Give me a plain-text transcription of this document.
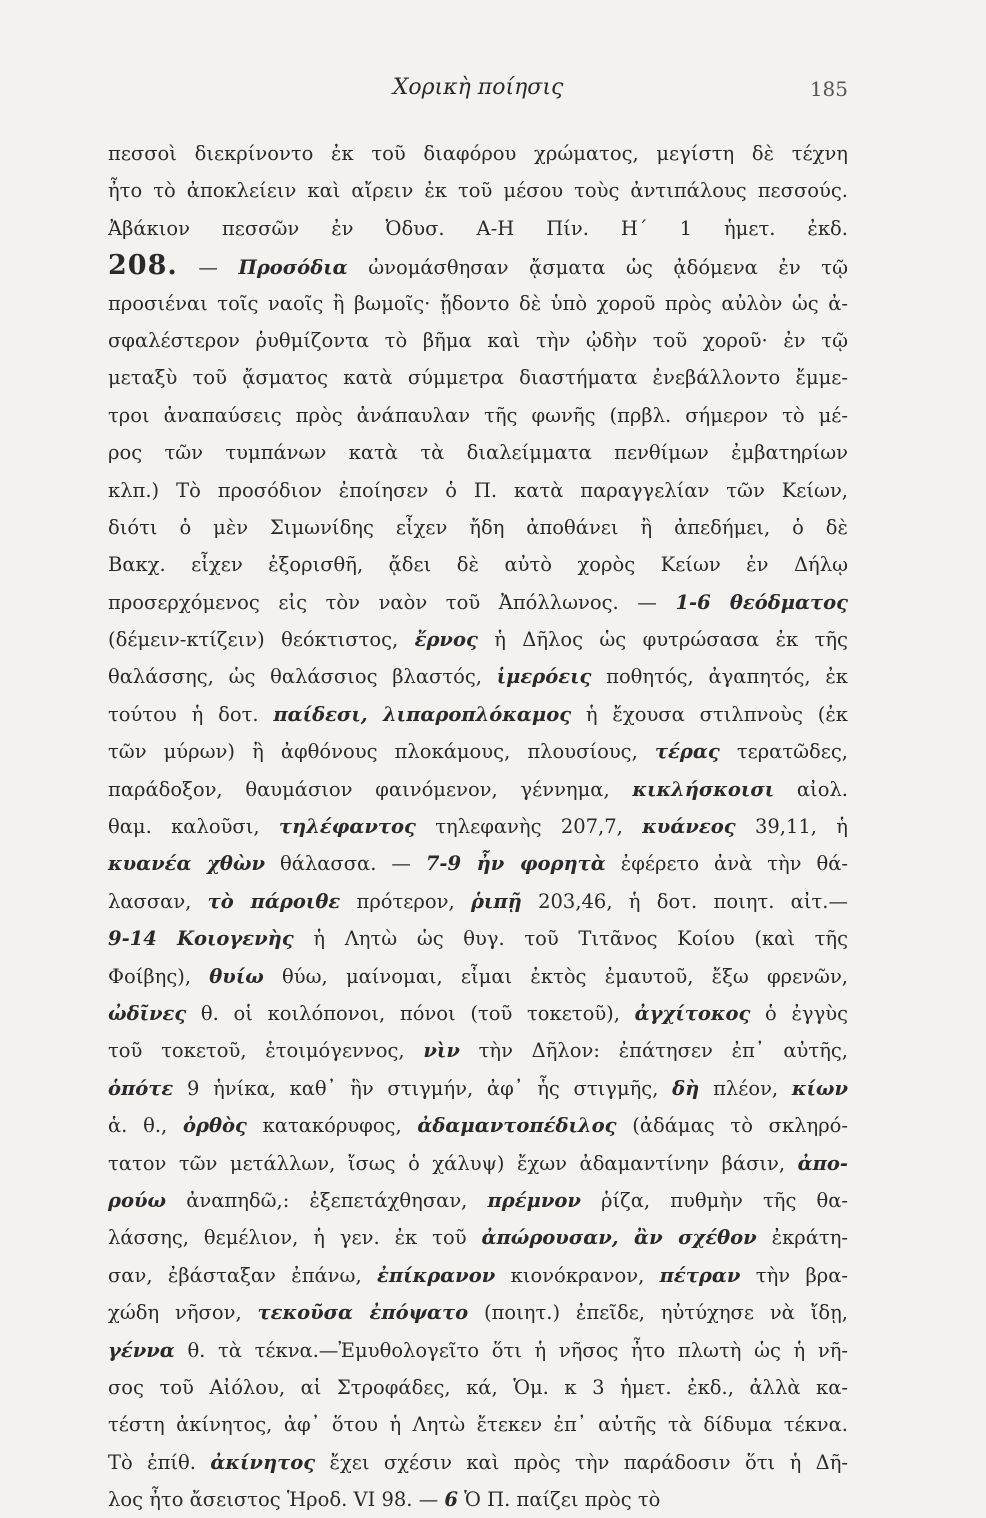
Χορικὴ ποίησις	185
πεσσοὶ διεκρίνοντο ἐκ τοῦ διαφόρου χρώματος, μεγίστη δὲ τέχνη
ἦτο τὸ ἀποκλείειν καὶ αἴρειν ἐκ τοῦ μέσου τοὺς ἀντιπάλους πεσσούς.
Ἀβάκιον πεσσῶν ἐν Ὀδυσ. Α-Η Πίν. Η΄ 1 ἡμετ. ἐκδ.
208. — Προσόδια ὠνομάσθησαν ᾄσματα ὡς ᾀδόμενα ἐν τῷ
προσιέναι τοῖς ναοῖς ἢ βωμοῖς· ᾔδοντο δὲ ὑπὸ χοροῦ πρὸς αὐλὸν ὡς ἀ-
σφαλέστερον ῥυθμίζοντα τὸ βῆμα καὶ τὴν ᾠδὴν τοῦ χοροῦ· ἐν τῷ
μεταξὺ τοῦ ᾄσματος κατὰ σύμμετρα διαστήματα ἐνεβάλλοντο ἔμμε-
τροι ἀναπαύσεις πρὸς ἀνάπαυλαν τῆς φωνῆς (πρβλ. σήμερον τὸ μέ-
ρος τῶν τυμπάνων κατὰ τὰ διαλείμματα πενθίμων ἐμβατηρίων
κλπ.) Τὸ προσόδιον ἐποίησεν ὁ Π. κατὰ παραγγελίαν τῶν Κείων,
διότι ὁ μὲν Σιμωνίδης εἶχεν ἤδη ἀποθάνει ἢ ἀπεδήμει, ὁ δὲ
Βακχ. εἶχεν ἐξορισθῆ, ᾄδει δὲ αὐτὸ χορὸς Κείων ἐν Δήλῳ
προσερχόμενος εἰς τὸν ναὸν τοῦ Ἀπόλλωνος. — 1-6 θεόδματος
(δέμειν-κτίζειν) θεόκτιστος, ἔρνος ἡ Δῆλος ὡς φυτρώσασα ἐκ τῆς
θαλάσσης, ὡς θαλάσσιος βλαστός, ἱμερόεις ποθητός, ἀγαπητός, ἐκ
τούτου ἡ δοτ. παίδεσι, λιπαροπλόκαμος ἡ ἔχουσα στιλπνοὺς (ἐκ
τῶν μύρων) ἢ ἀφθόνους πλοκάμους, πλουσίους, τέρας τερατῶδες,
παράδοξον, θαυμάσιον φαινόμενον, γέννημα, κικλήσκοισι αἰολ.
θαμ. καλοῦσι, τηλέφαντος τηλεφανὴς 207,7, κυάνεος 39,11, ἡ
κυανέα χθὼν θάλασσα. — 7-9 ἦν φορητὰ ἐφέρετο ἀνὰ τὴν θά-
λασσαν, τὸ πάροιθε πρότερον, ῥιπῇ 203,46, ἡ δοτ. ποιητ. αἰτ.—
9-14 Κοιογενὴς ἡ Λητὼ ὡς θυγ. τοῦ Τιτᾶνος Κοίου (καὶ τῆς
Φοίβης), θυίω θύω, μαίνομαι, εἶμαι ἐκτὸς ἐμαυτοῦ, ἔξω φρενῶν,
ὠδῖνες θ. οἱ κοιλόπονοι, πόνοι (τοῦ τοκετοῦ), ἀγχίτοκος ὁ ἐγγὺς
τοῦ τοκετοῦ, ἑτοιμόγεννος, νὶν τὴν Δῆλον: ἐπάτησεν ἐπ᾽ αὐτῆς,
ὁπότε 9 ἡνίκα, καθ᾽ ἣν στιγμήν, ἀφ᾽ ἧς στιγμῆς, δὴ πλέον, κίων
ἁ. θ., ὀρθὸς κατακόρυφος, ἀδαμαντοπέδιλος (ἀδάμας τὸ σκληρό-
τατον τῶν μετάλλων, ἴσως ὁ χάλυψ) ἔχων ἀδαμαντίνην βάσιν, ἀπο-
ρούω ἀναπηδῶ,: ἐξεπετάχθησαν, πρέμνον ῥίζα, πυθμὴν τῆς θα-
λάσσης, θεμέλιον, ἡ γεν. ἐκ τοῦ ἀπώρουσαν, ἂν σχέθον ἐκράτη-
σαν, ἐβάσταξαν ἐπάνω, ἐπίκρανον κιονόκρανον, πέτραν τὴν βρα-
χώδη νῆσον, τεκοῦσα ἐπόψατο (ποιητ.) ἐπεῖδε, ηὐτύχησε νὰ ἴδῃ,
γέννα θ. τὰ τέκνα.—Ἐμυθολογεῖτο ὅτι ἡ νῆσος ἦτο πλωτὴ ὡς ἡ νῆ-
σος τοῦ Αἰόλου, αἱ Στροφάδες, κά, Ὁμ. κ 3 ἡμετ. ἐκδ., ἀλλὰ κα-
τέστη ἀκίνητος, ἀφ᾽ ὅτου ἡ Λητὼ ἔτεκεν ἐπ᾽ αὐτῆς τὰ δίδυμα τέκνα.
Τὸ ἐπίθ. ἀκίνητος ἔχει σχέσιν καὶ πρὸς τὴν παράδοσιν ὅτι ἡ Δῆ-
λος ἦτο ἄσειστος Ἡροδ. VI 98. — 6 Ὁ Π. παίζει πρὸς τὸ
